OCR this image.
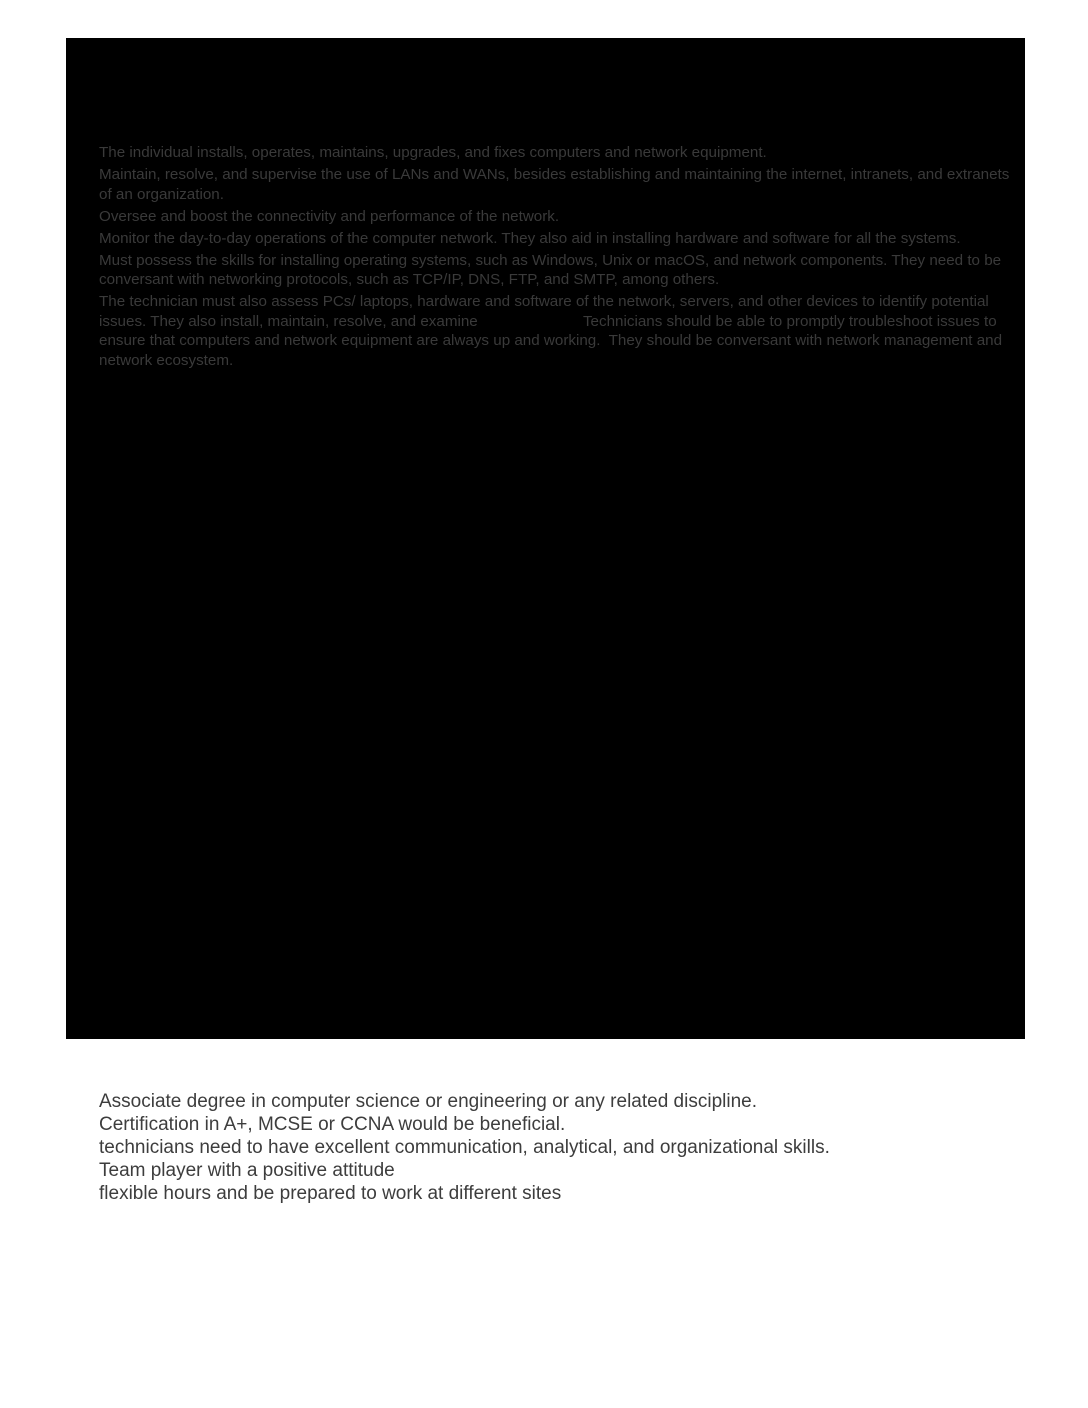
The individual installs, operates, maintains, upgrades, and fixes computers and network equipment.

Maintain, resolve, and supervise the use of LANs and WANs, besides establishing and maintaining the internet, intranets, and extranets of an organization.

Oversee and boost the connectivity and performance of the network.

Monitor the day-to-day operations of the computer network. They also aid in installing hardware and software for all the systems.

Must possess the skills for installing operating systems, such as Windows, Unix or macOS, and network components. They need to be conversant with networking protocols, such as TCP/IP, DNS, FTP, and SMTP, among others.

The technician must also assess PCs/ laptops, hardware and software of the network, servers, and other devices to identify potential issues. They also install, maintain, resolve, and examine                         Technicians should be able to promptly troubleshoot issues to ensure that computers and network equipment are always up and working.  They should be conversant with network management and network ecosystem.

Associate degree in computer science or engineering or any related discipline.

Certification in A+, MCSE or CCNA would be beneficial.

technicians need to have excellent communication, analytical, and organizational skills.

Team player with a positive attitude

flexible hours and be prepared to work at different sites
